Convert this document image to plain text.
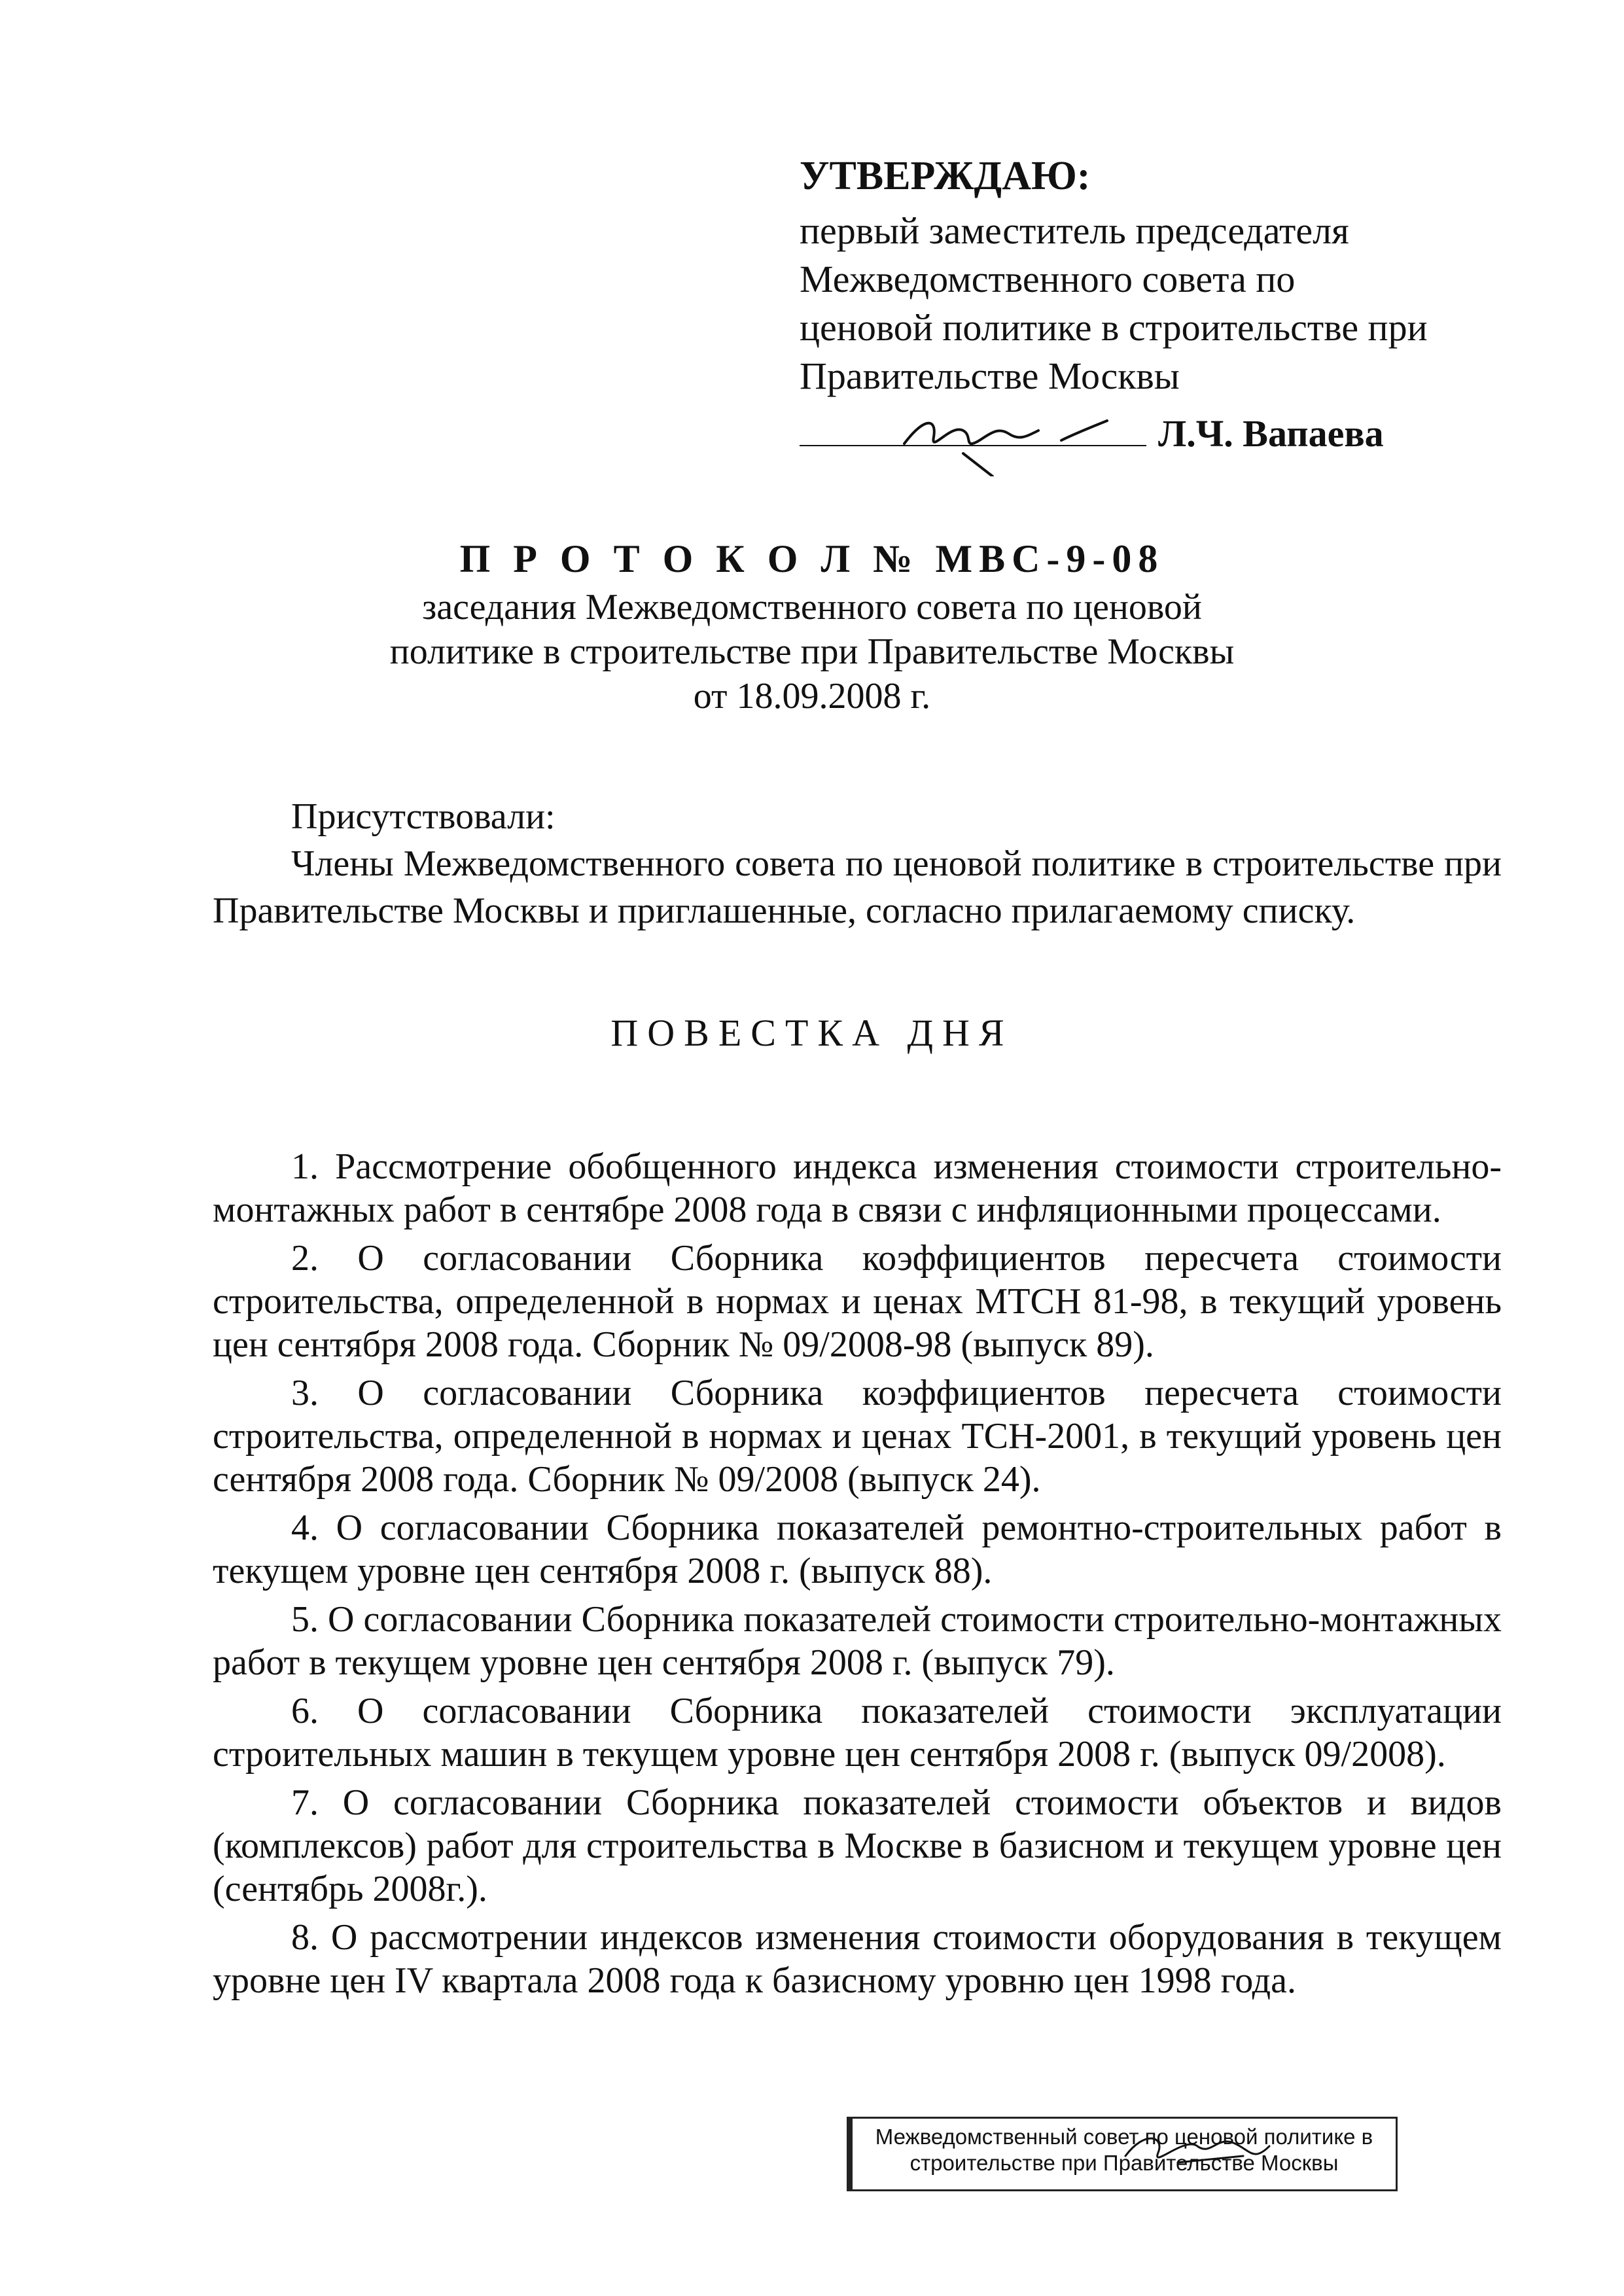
УТВЕРЖДАЮ:
первый заместитель председателя
Межведомственного совета по
ценовой политике в строительстве при
Правительстве Москвы
Л.Ч. Вапаева
П Р О Т О К О Л № МВС-9-08
заседания Межведомственного совета по ценовой
политике в строительстве при Правительстве Москвы
от 18.09.2008 г.
Присутствовали:
Члены Межведомственного совета по ценовой политике в строительстве при Правительстве Москвы и приглашенные, согласно прилагаемому списку.
ПОВЕСТКА ДНЯ
1. Рассмотрение обобщенного индекса изменения стоимости строительно-монтажных работ в сентябре 2008 года в связи с инфляционными процессами.
2. О согласовании Сборника коэффициентов пересчета стоимости строительства, определенной в нормах и ценах МТСН 81-98, в текущий уровень цен сентября 2008 года. Сборник № 09/2008-98 (выпуск 89).
3. О согласовании Сборника коэффициентов пересчета стоимости строительства, определенной в нормах и ценах ТСН-2001, в текущий уровень цен сентября 2008 года. Сборник № 09/2008 (выпуск 24).
4. О согласовании Сборника показателей ремонтно-строительных работ в текущем уровне цен сентября 2008 г. (выпуск 88).
5. О согласовании Сборника показателей стоимости строительно-монтажных работ в текущем уровне цен сентября 2008 г. (выпуск 79).
6. О согласовании Сборника показателей стоимости эксплуатации строительных машин в текущем уровне цен сентября 2008 г. (выпуск 09/2008).
7. О согласовании Сборника показателей стоимости объектов и видов (комплексов) работ для строительства в Москве в базисном и текущем уровне цен (сентябрь 2008г.).
8. О рассмотрении индексов изменения стоимости оборудования в текущем уровне цен IV квартала 2008 года к базисному уровню цен 1998 года.
Межведомственный совет по ценовой политике в
строительстве при Правительстве Москвы
